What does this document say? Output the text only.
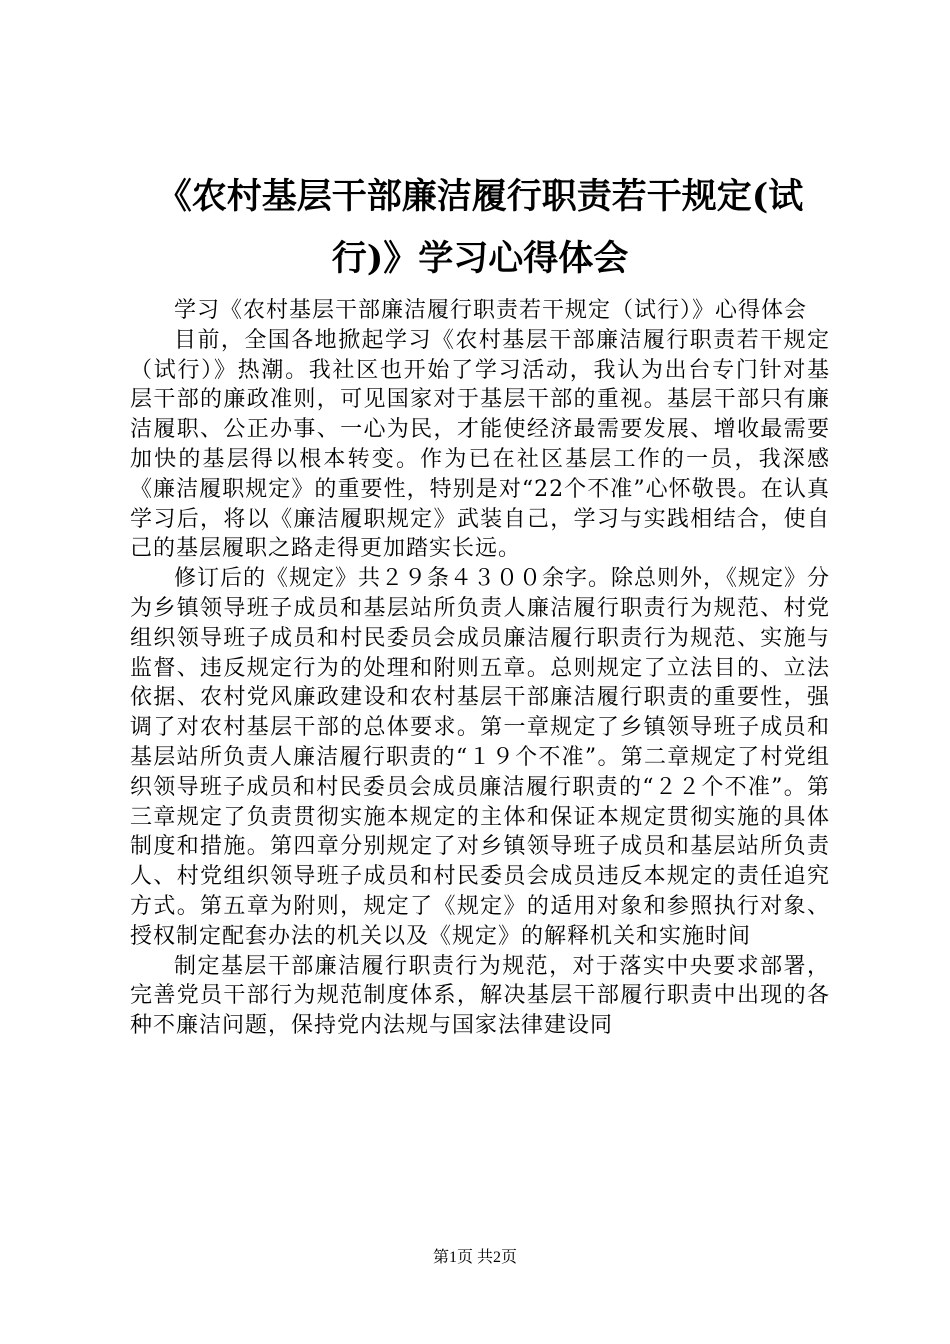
《农村基层干部廉洁履行职责若干规定(试行)》学习心得体会

学习《农村基层干部廉洁履行职责若干规定（试行）》心得体会

目前，全国各地掀起学习《农村基层干部廉洁履行职责若干规定（试行）》热潮。我社区也开始了学习活动，我认为出台专门针对基层干部的廉政准则，可见国家对于基层干部的重视。基层干部只有廉洁履职、公正办事、一心为民，才能使经济最需要发展、增收最需要加快的基层得以根本转变。作为已在社区基层工作的一员，我深感《廉洁履职规定》的重要性，特别是对“22个不准”心怀敬畏。在认真学习后，将以《廉洁履职规定》武装自己，学习与实践相结合，使自己的基层履职之路走得更加踏实长远。

修订后的《规定》共２９条４３００余字。除总则外，《规定》分为乡镇领导班子成员和基层站所负责人廉洁履行职责行为规范、村党组织领导班子成员和村民委员会成员廉洁履行职责行为规范、实施与监督、违反规定行为的处理和附则五章。总则规定了立法目的、立法依据、农村党风廉政建设和农村基层干部廉洁履行职责的重要性，强调了对农村基层干部的总体要求。第一章规定了乡镇领导班子成员和基层站所负责人廉洁履行职责的“１９个不准”。第二章规定了村党组织领导班子成员和村民委员会成员廉洁履行职责的“２２个不准”。第三章规定了负责贯彻实施本规定的主体和保证本规定贯彻实施的具体制度和措施。第四章分别规定了对乡镇领导班子成员和基层站所负责人、村党组织领导班子成员和村民委员会成员违反本规定的责任追究方式。第五章为附则，规定了《规定》的适用对象和参照执行对象、授权制定配套办法的机关以及《规定》的解释机关和实施时间

制定基层干部廉洁履行职责行为规范，对于落实中央要求部署，完善党员干部行为规范制度体系，解决基层干部履行职责中出现的各种不廉洁问题，保持党内法规与国家法律建设同

第1页 共2页
